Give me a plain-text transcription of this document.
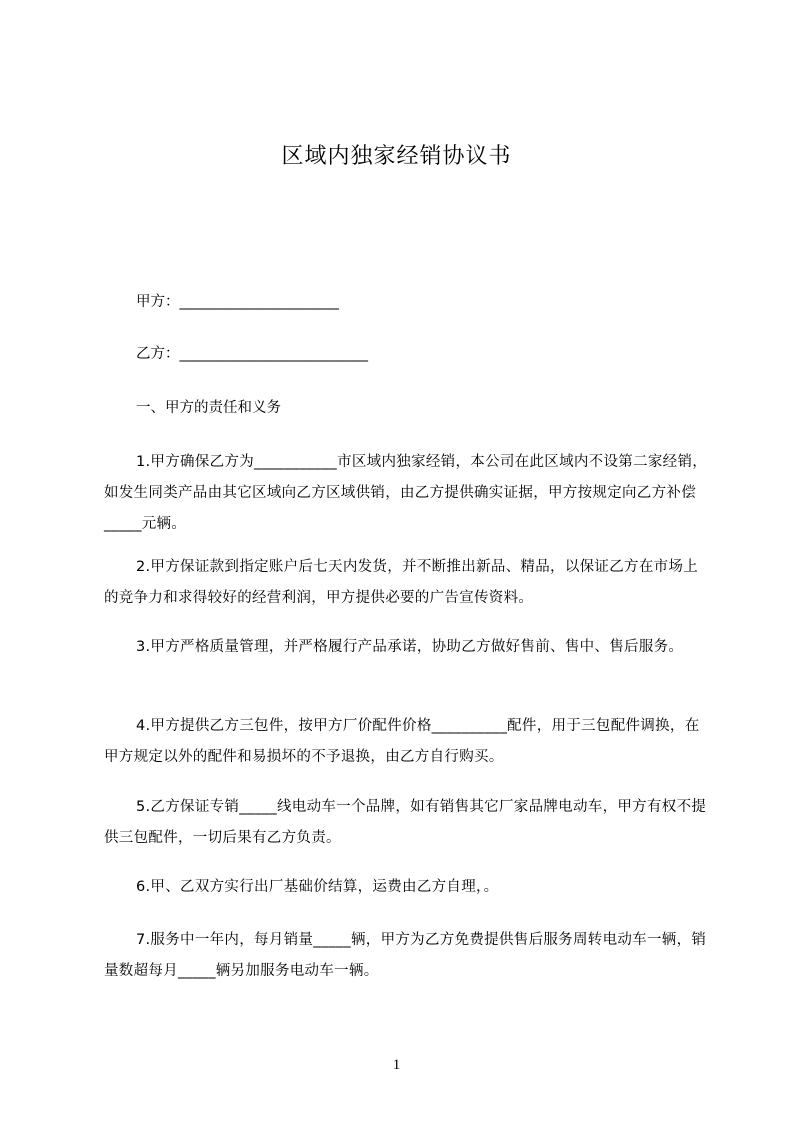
区域内独家经销协议书
甲方：______________________
乙方：__________________________
一、甲方的责任和义务

1.甲方确保乙方为___________市区域内独家经销，本公司在此区域内不设第二家经销，如发生同类产品由其它区域向乙方区域供销，由乙方提供确实证据，甲方按规定向乙方补偿_____元辆。

2.甲方保证款到指定账户后七天内发货，并不断推出新品、精品，以保证乙方在市场上的竞争力和求得较好的经营利润，甲方提供必要的广告宣传资料。

3.甲方严格质量管理，并严格履行产品承诺，协助乙方做好售前、售中、售后服务。

4.甲方提供乙方三包件，按甲方厂价配件价格__________配件，用于三包配件调换，在甲方规定以外的配件和易损坏的不予退换，由乙方自行购买。

5.乙方保证专销_____线电动车一个品牌，如有销售其它厂家品牌电动车，甲方有权不提供三包配件，一切后果有乙方负责。

6.甲、乙双方实行出厂基础价结算，运费由乙方自理，。

7.服务中一年内，每月销量_____辆，甲方为乙方免费提供售后服务周转电动车一辆，销量数超每月_____辆另加服务电动车一辆。

1
